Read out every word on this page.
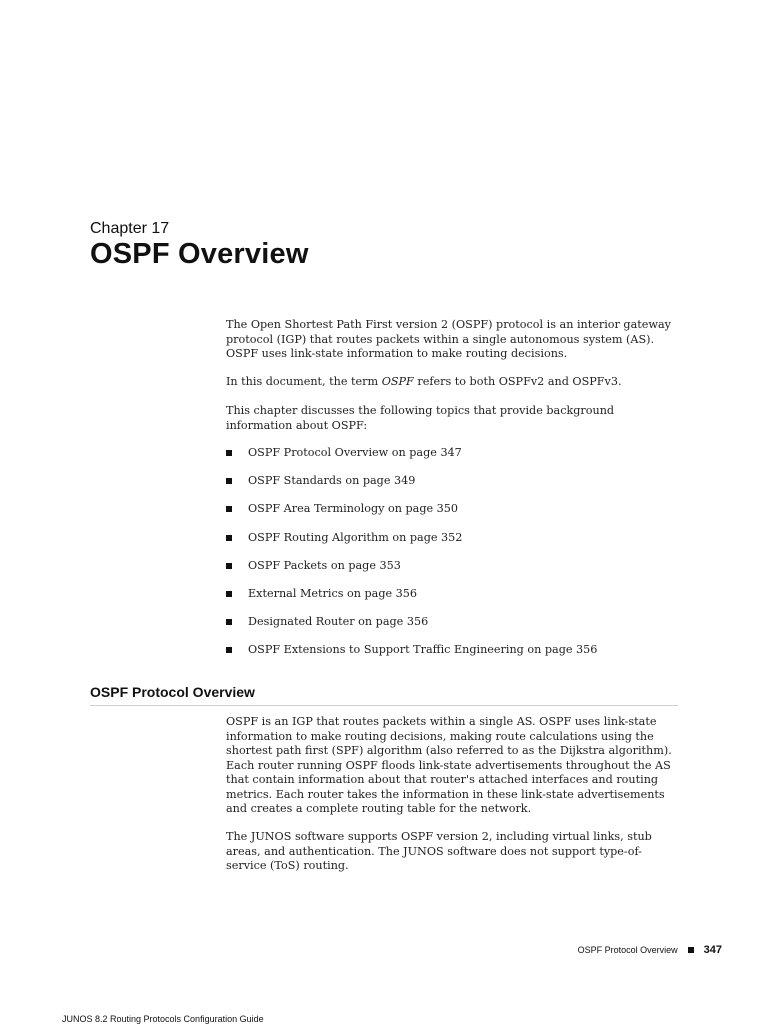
Chapter 17
OSPF Overview

The Open Shortest Path First version 2 (OSPF) protocol is an interior gateway protocol (IGP) that routes packets within a single autonomous system (AS). OSPF uses link-state information to make routing decisions.

In this document, the term OSPF refers to both OSPFv2 and OSPFv3.

This chapter discusses the following topics that provide background information about OSPF:

OSPF Protocol Overview on page 347
OSPF Standards on page 349
OSPF Area Terminology on page 350
OSPF Routing Algorithm on page 352
OSPF Packets on page 353
External Metrics on page 356
Designated Router on page 356
OSPF Extensions to Support Traffic Engineering on page 356
OSPF Protocol Overview

OSPF is an IGP that routes packets within a single AS. OSPF uses link-state information to make routing decisions, making route calculations using the shortest path first (SPF) algorithm (also referred to as the Dijkstra algorithm). Each router running OSPF floods link-state advertisements throughout the AS that contain information about that router's attached interfaces and routing metrics. Each router takes the information in these link-state advertisements and creates a complete routing table for the network.

The JUNOS software supports OSPF version 2, including virtual links, stub areas, and authentication. The JUNOS software does not support type-of-service (ToS) routing.

OSPF Protocol Overview 347
JUNOS 8.2 Routing Protocols Configuration Guide
